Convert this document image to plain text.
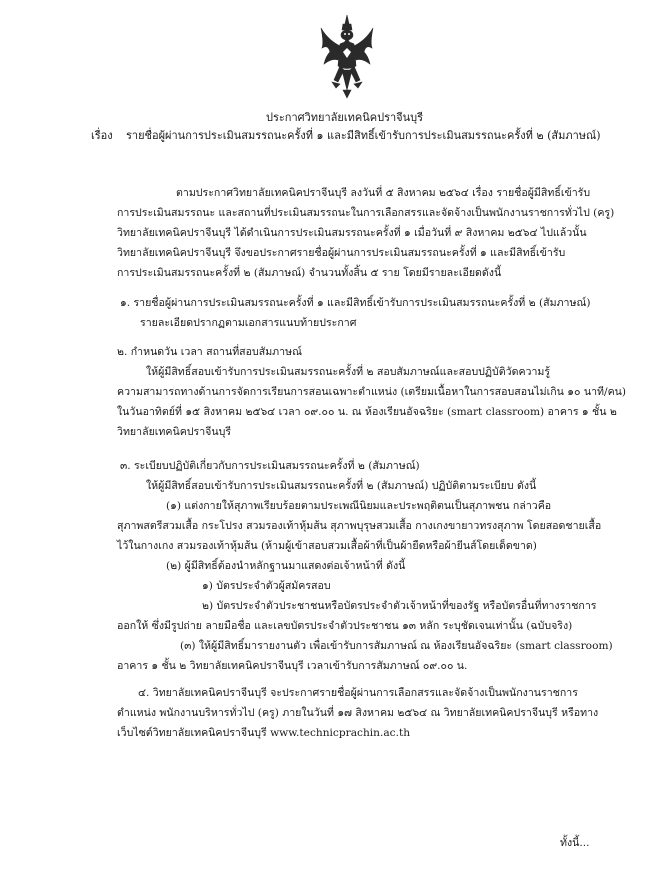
ประกาศวิทยาลัยเทคนิคปราจีนบุรี

เรื่อง รายชื่อผู้ผ่านการประเมินสมรรถนะครั้งที่ ๑ และมีสิทธิ์เข้ารับการประเมินสมรรถนะครั้งที่ ๒ (สัมภาษณ์)

ตามประกาศวิทยาลัยเทคนิคปราจีนบุรี ลงวันที่ ๕ สิงหาคม ๒๕๖๔ เรื่อง รายชื่อผู้มีสิทธิ์เข้ารับ

การประเมินสมรรถนะ และสถานที่ประเมินสมรรถนะในการเลือกสรรและจัดจ้างเป็นพนักงานราชการทั่วไป (ครู)

วิทยาลัยเทคนิคปราจีนบุรี ได้ดำเนินการประเมินสมรรถนะครั้งที่ ๑ เมื่อวันที่ ๙ สิงหาคม ๒๕๖๔ ไปแล้วนั้น

วิทยาลัยเทคนิคปราจีนบุรี จึงขอประกาศรายชื่อผู้ผ่านการประเมินสมรรถนะครั้งที่ ๑ และมีสิทธิ์เข้ารับ

การประเมินสมรรถนะครั้งที่ ๒ (สัมภาษณ์) จำนวนทั้งสิ้น ๕ ราย โดยมีรายละเอียดดังนี้

๑. รายชื่อผู้ผ่านการประเมินสมรรถนะครั้งที่ ๑ และมีสิทธิ์เข้ารับการประเมินสมรรถนะครั้งที่ ๒ (สัมภาษณ์)

รายละเอียดปรากฏตามเอกสารแนบท้ายประกาศ

๒. กำหนดวัน เวลา สถานที่สอบสัมภาษณ์

ให้ผู้มีสิทธิ์สอบเข้ารับการประเมินสมรรถนะครั้งที่ ๒ สอบสัมภาษณ์และสอบปฏิบัติวัดความรู้

ความสามารถทางด้านการจัดการเรียนการสอนเฉพาะตำแหน่ง (เตรียมเนื้อหาในการสอบสอนไม่เกิน ๑๐ นาที/คน)

ในวันอาทิตย์ที่ ๑๕ สิงหาคม ๒๕๖๔ เวลา ๐๙.๐๐ น. ณ ห้องเรียนอัจฉริยะ (smart classroom) อาคาร ๑ ชั้น ๒

วิทยาลัยเทคนิคปราจีนบุรี

๓. ระเบียบปฏิบัติเกี่ยวกับการประเมินสมรรถนะครั้งที่ ๒ (สัมภาษณ์)

ให้ผู้มีสิทธิ์สอบเข้ารับการประเมินสมรรถนะครั้งที่ ๒ (สัมภาษณ์) ปฏิบัติตามระเบียบ ดังนี้

(๑) แต่งกายให้สุภาพเรียบร้อยตามประเพณีนิยมและประพฤติตนเป็นสุภาพชน กล่าวคือ

สุภาพสตรีสวมเสื้อ กระโปรง สวมรองเท้าหุ้มส้น สุภาพบุรุษสวมเสื้อ กางเกงขายาวทรงสุภาพ โดยสอดชายเสื้อ

ไว้ในกางเกง สวมรองเท้าหุ้มส้น (ห้ามผู้เข้าสอบสวมเสื้อผ้าที่เป็นผ้ายืดหรือผ้ายีนส์โดยเด็ดขาด)

(๒) ผู้มีสิทธิ์ต้องนำหลักฐานมาแสดงต่อเจ้าหน้าที่ ดังนี้

๑) บัตรประจำตัวผู้สมัครสอบ

๒) บัตรประจำตัวประชาชนหรือบัตรประจำตัวเจ้าหน้าที่ของรัฐ หรือบัตรอื่นที่ทางราชการ

ออกให้ ซึ่งมีรูปถ่าย ลายมือชื่อ และเลขบัตรประจำตัวประชาชน ๑๓ หลัก ระบุชัดเจนเท่านั้น (ฉบับจริง)

(๓) ให้ผู้มีสิทธิ์มารายงานตัว เพื่อเข้ารับการสัมภาษณ์ ณ ห้องเรียนอัจฉริยะ (smart classroom)

อาคาร ๑ ชั้น ๒ วิทยาลัยเทคนิคปราจีนบุรี เวลาเข้ารับการสัมภาษณ์ ๐๙.๐๐ น.

๔. วิทยาลัยเทคนิคปราจีนบุรี จะประกาศรายชื่อผู้ผ่านการเลือกสรรและจัดจ้างเป็นพนักงานราชการ

ตำแหน่ง พนักงานบริหารทั่วไป (ครู) ภายในวันที่ ๑๗ สิงหาคม ๒๕๖๔ ณ วิทยาลัยเทคนิคปราจีนบุรี หรือทาง

เว็บไซต์วิทยาลัยเทคนิคปราจีนบุรี www.technicprachin.ac.th

ทั้งนี้...
